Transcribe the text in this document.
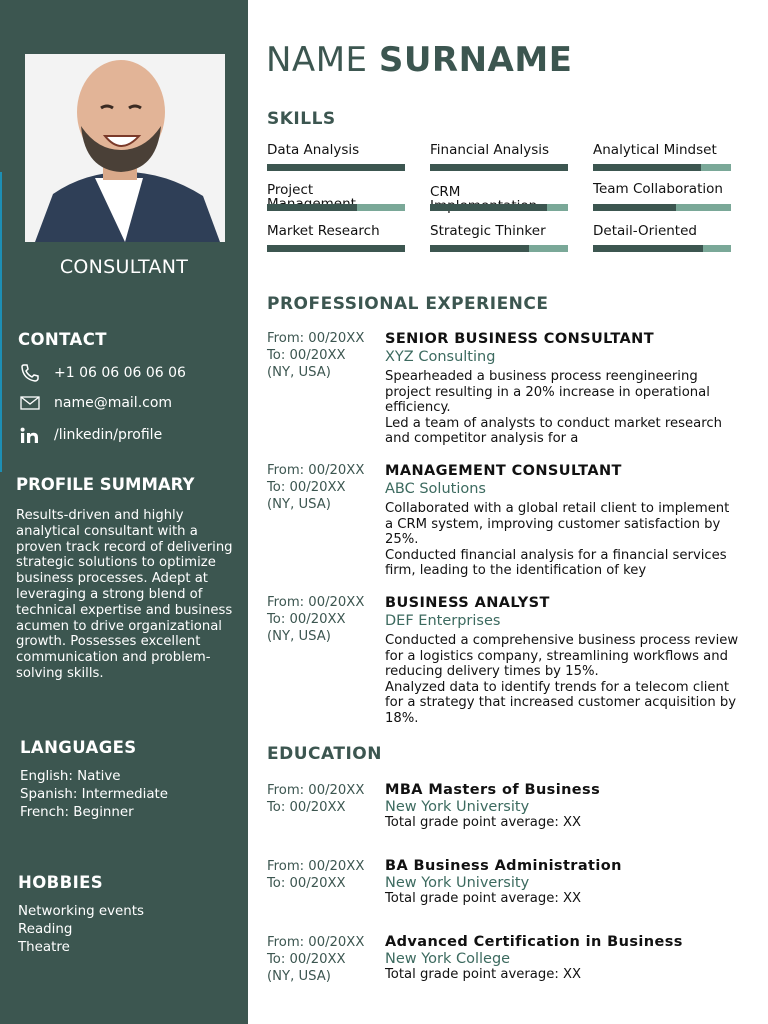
CONSULTANT
CONTACT
+1 06 06 06 06 06
name@mail.com
/linkedin/profile
PROFILE SUMMARY
Results-driven and highly analytical consultant with a proven track record of delivering strategic solutions to optimize business processes. Adept at leveraging a strong blend of technical expertise and business acumen to drive organizational growth. Possesses excellent communication and problem-solving skills.
LANGUAGES
English: Native
Spanish: Intermediate
French: Beginner
HOBBIES
Networking events
Reading
Theatre
NAME SURNAME
SKILLS
Data Analysis	Financial Analysis	Analytical Mindset
Project	CRM	Team Collaboration
Market Research	Strategic Thinker	Detail-Oriented
PROFESSIONAL EXPERIENCE
From: 00/20XX To: 00/20XX (NY, USA)
SENIOR BUSINESS CONSULTANT
XYZ Consulting
Spearheaded a business process reengineering project resulting in a 20% increase in operational efficiency.
Led a team of analysts to conduct market research and competitor analysis for a
From: 00/20XX To: 00/20XX (NY, USA)
MANAGEMENT CONSULTANT
ABC Solutions
Collaborated with a global retail client to implement a CRM system, improving customer satisfaction by 25%.
Conducted financial analysis for a financial services firm, leading to the identification of key
From: 00/20XX To: 00/20XX (NY, USA)
BUSINESS ANALYST
DEF Enterprises
Conducted a comprehensive business process review for a logistics company, streamlining workflows and reducing delivery times by 15%.
Analyzed data to identify trends for a telecom client for a strategy that increased customer acquisition by 18%.
EDUCATION
From: 00/20XX To: 00/20XX
MBA Masters of Business
New York University
Total grade point average: XX
From: 00/20XX To: 00/20XX
BA Business Administration
New York University
Total grade point average: XX
From: 00/20XX To: 00/20XX (NY, USA)
Advanced Certification in Business
New York College
Total grade point average: XX
